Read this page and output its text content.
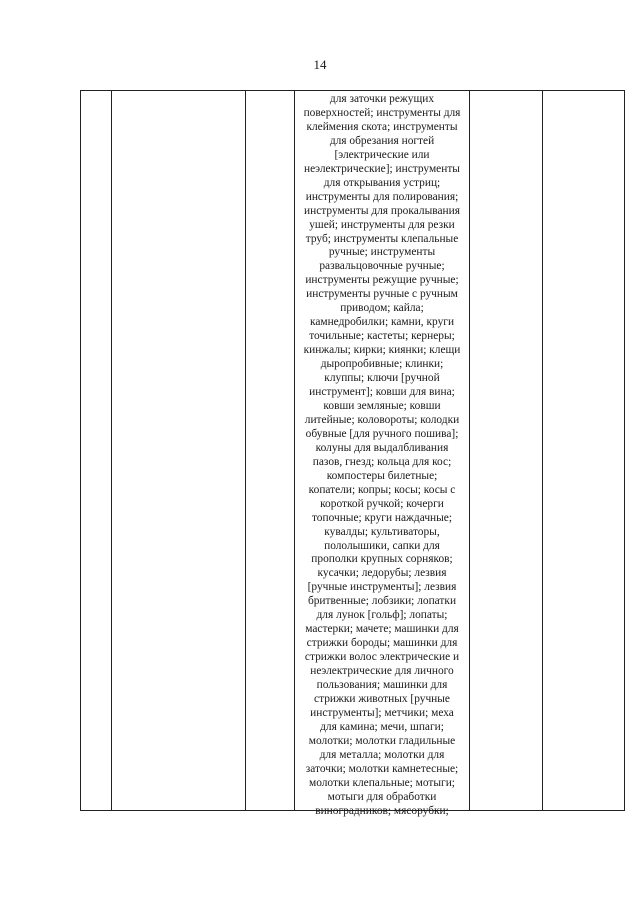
14

для заточки режущих
поверхностей; инструменты для
клеймения скота; инструменты
для обрезания ногтей
[электрические или
неэлектрические]; инструменты
для открывания устриц;
инструменты для полирования;
инструменты для прокалывания
ушей; инструменты для резки
труб; инструменты клепальные
ручные; инструменты
развальцовочные ручные;
инструменты режущие ручные;
инструменты ручные с ручным
приводом; кайла;
камнедробилки; камни, круги
точильные; кастеты; кернеры;
кинжалы; кирки; киянки; клещи
дыропробивные; клинки;
клуппы; ключи [ручной
инструмент]; ковши для вина;
ковши земляные; ковши
литейные; коловороты; колодки
обувные [для ручного пошива];
колуны для выдалбливания
пазов, гнезд; кольца для кос;
компостеры билетные;
копатели; копры; косы; косы с
короткой ручкой; кочерги
топочные; круги наждачные;
кувалды; культиваторы,
пололышики, сапки для
прополки крупных сорняков;
кусачки; ледорубы; лезвия
[ручные инструменты]; лезвия
бритвенные; лобзики; лопатки
для лунок [гольф]; лопаты;
мастерки; мачете; машинки для
стрижки бороды; машинки для
стрижки волос электрические и
неэлектрические для личного
пользования; машинки для
стрижки животных [ручные
инструменты]; метчики; меха
для камина; мечи, шпаги;
молотки; молотки гладильные
для металла; молотки для
заточки; молотки камнетесные;
молотки клепальные; мотыги;
мотыги для обработки
виноградников; мясорубки;
